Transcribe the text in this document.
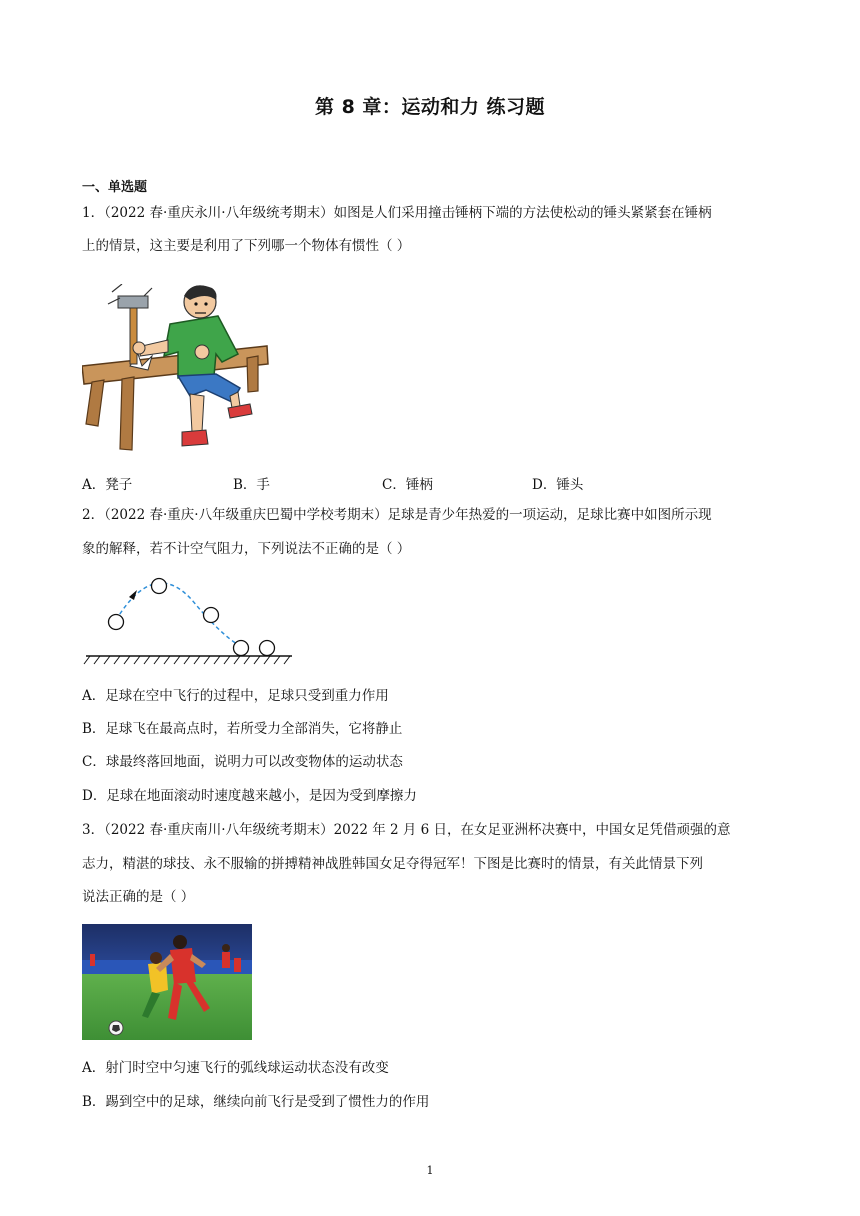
第 8 章：运动和力 练习题
一、单选题
1．（2022 春·重庆永川·八年级统考期末）如图是人们采用撞击锤柄下端的方法使松动的锤头紧紧套在锤柄
上的情景，这主要是利用了下列哪一个物体有惯性（ ）
A．凳子	B．手	C．锤柄	D．锤头
2．（2022 春·重庆·八年级重庆巴蜀中学校考期末）足球是青少年热爱的一项运动，足球比赛中如图所示现
象的解释，若不计空气阻力，下列说法不正确的是（ ）
A．足球在空中飞行的过程中，足球只受到重力作用
B．足球飞在最高点时，若所受力全部消失，它将静止
C．球最终落回地面，说明力可以改变物体的运动状态
D．足球在地面滚动时速度越来越小，是因为受到摩擦力
3．（2022 春·重庆南川·八年级统考期末）2022 年 2 月 6 日，在女足亚洲杯决赛中，中国女足凭借顽强的意
志力，精湛的球技、永不服输的拼搏精神战胜韩国女足夺得冠军！下图是比赛时的情景，有关此情景下列
说法正确的是（ ）
A．射门时空中匀速飞行的弧线球运动状态没有改变
B．踢到空中的足球，继续向前飞行是受到了惯性力的作用
1
